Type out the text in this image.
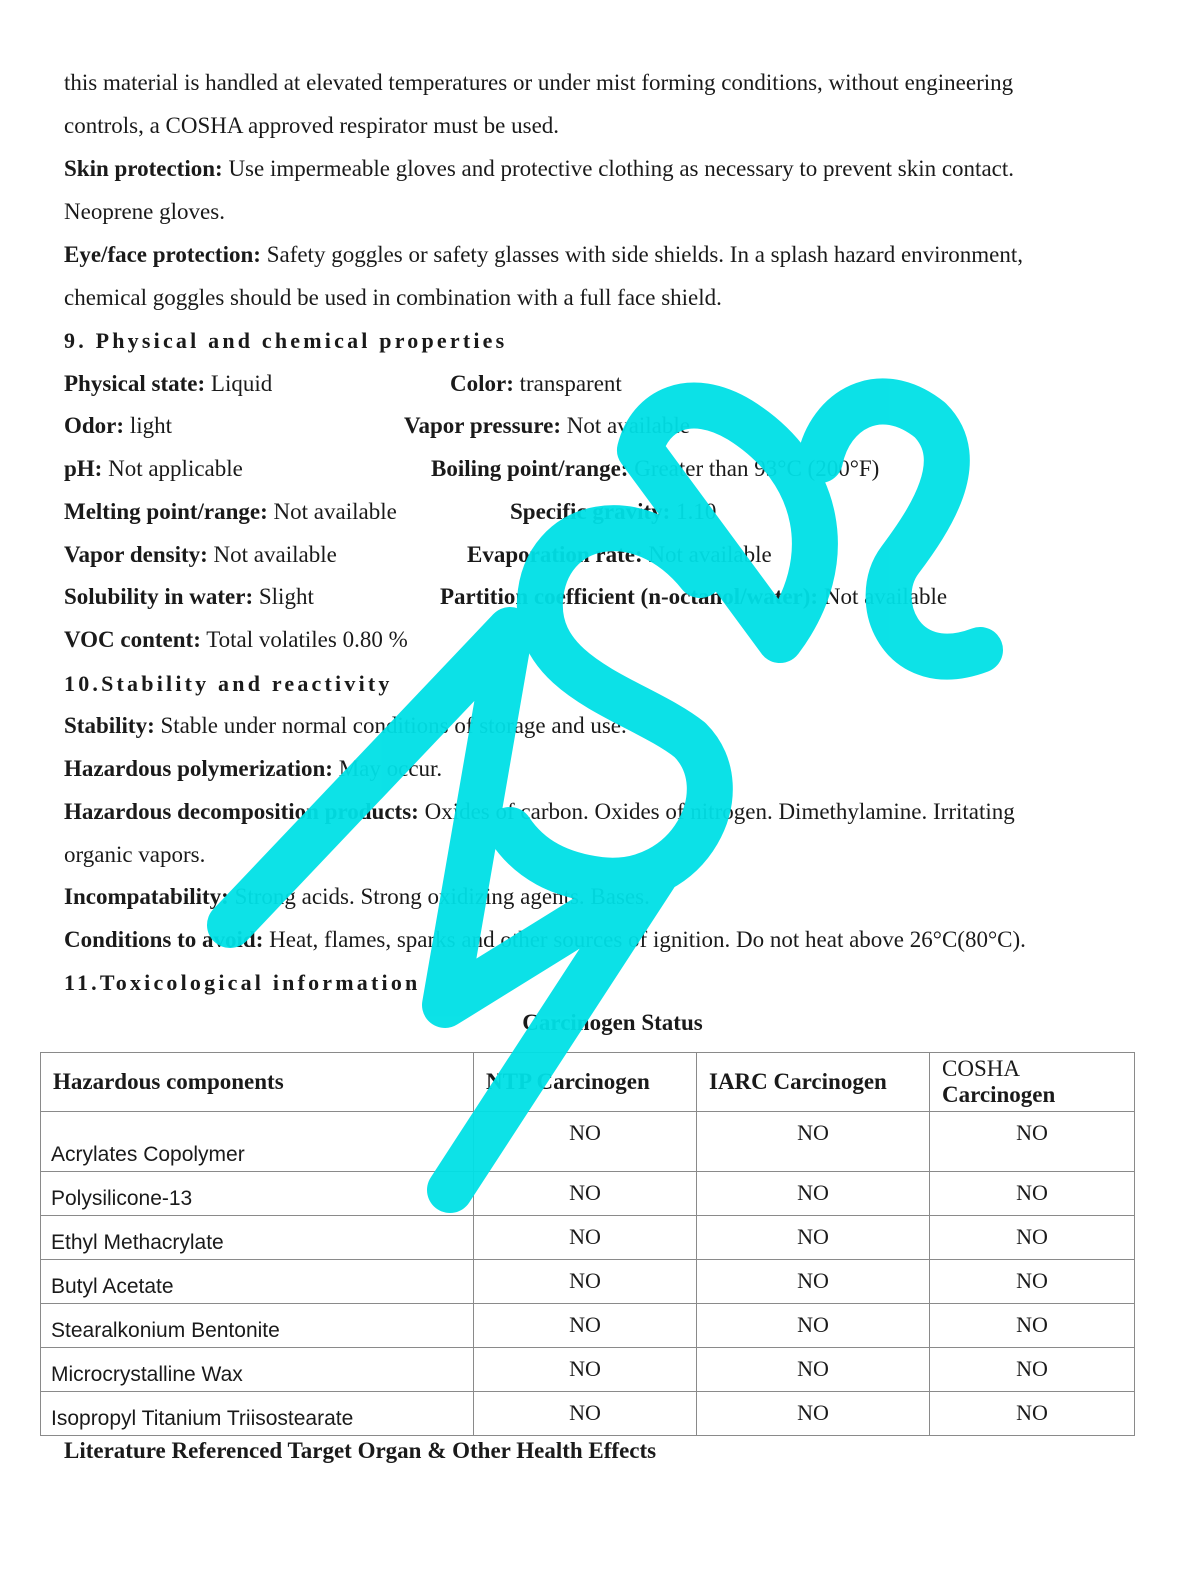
this material is handled at elevated temperatures or under mist forming conditions, without engineering
controls, a COSHA approved respirator must be used.
Skin protection: Use impermeable gloves and protective clothing as necessary to prevent skin contact.
Neoprene gloves.
Eye/face protection: Safety goggles or safety glasses with side shields. In a splash hazard environment,
chemical goggles should be used in combination with a full face shield.
9. Physical and chemical properties
Physical state: Liquid	Color: transparent
Odor: light	Vapor pressure: Not available
pH: Not applicable	Boiling point/range: Greater than 93°C (200°F)
Melting point/range: Not available	Specific gravity: 1.10
Vapor density: Not available	Evaporation rate: Not available
Solubility in water: Slight	Partition coefficient (n-octanol/water): Not available
VOC content: Total volatiles 0.80 %
10.Stability and reactivity
Stability: Stable under normal conditions of storage and use.
Hazardous polymerization: May occur.
Hazardous decomposition products: Oxides of carbon. Oxides of nitrogen. Dimethylamine. Irritating
organic vapors.
Incompatability: Strong acids. Strong oxidizing agents. Bases.
Conditions to avoid: Heat, flames, sparks and other sources of ignition. Do not heat above 26°C(80°C).
11.Toxicological information
Carcinogen Status
Hazardous components	NTP Carcinogen	IARC Carcinogen	COSHA Carcinogen
Acrylates Copolymer	NO	NO	NO
Polysilicone-13	NO	NO	NO
Ethyl Methacrylate	NO	NO	NO
Butyl Acetate	NO	NO	NO
Stearalkonium Bentonite	NO	NO	NO
Microcrystalline Wax	NO	NO	NO
Isopropyl Titanium Triisostearate	NO	NO	NO
Literature Referenced Target Organ & Other Health Effects
